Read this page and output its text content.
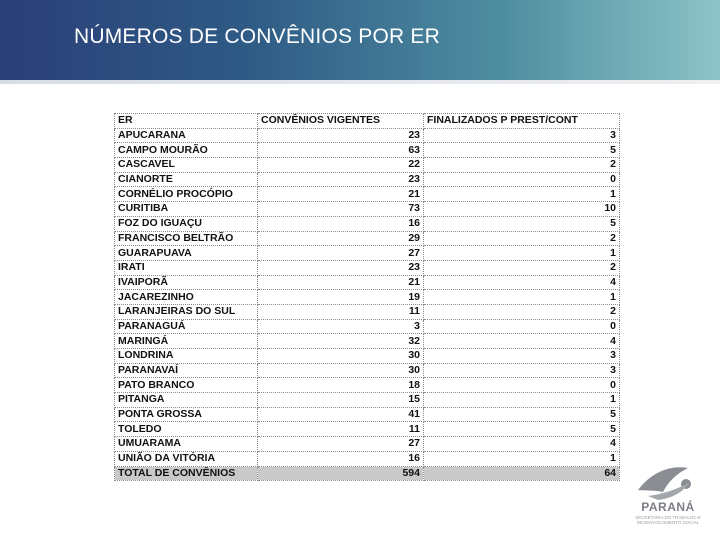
NÚMEROS DE CONVÊNIOS POR ER
ER	CONVÊNIOS VIGENTES	FINALIZADOS P PREST/CONT
APUCARANA	23	3
CAMPO MOURÃO	63	5
CASCAVEL	22	2
CIANORTE	23	0
CORNÉLIO PROCÓPIO	21	1
CURITIBA	73	10
FOZ DO IGUAÇU	16	5
FRANCISCO BELTRÃO	29	2
GUARAPUAVA	27	1
IRATI	23	2
IVAIPORÃ	21	4
JACAREZINHO	19	1
LARANJEIRAS DO SUL	11	2
PARANAGUÁ	3	0
MARINGÁ	32	4
LONDRINA	30	3
PARANAVAÍ	30	3
PATO BRANCO	18	0
PITANGA	15	1
PONTA GROSSA	41	5
TOLEDO	11	5
UMUARAMA	27	4
UNIÃO DA VITÓRIA	16	1
TOTAL DE CONVÊNIOS	594	64
PARANÁ
SECRETARIA DO TRABALHO E DESENVOLVIMENTO SOCIAL
